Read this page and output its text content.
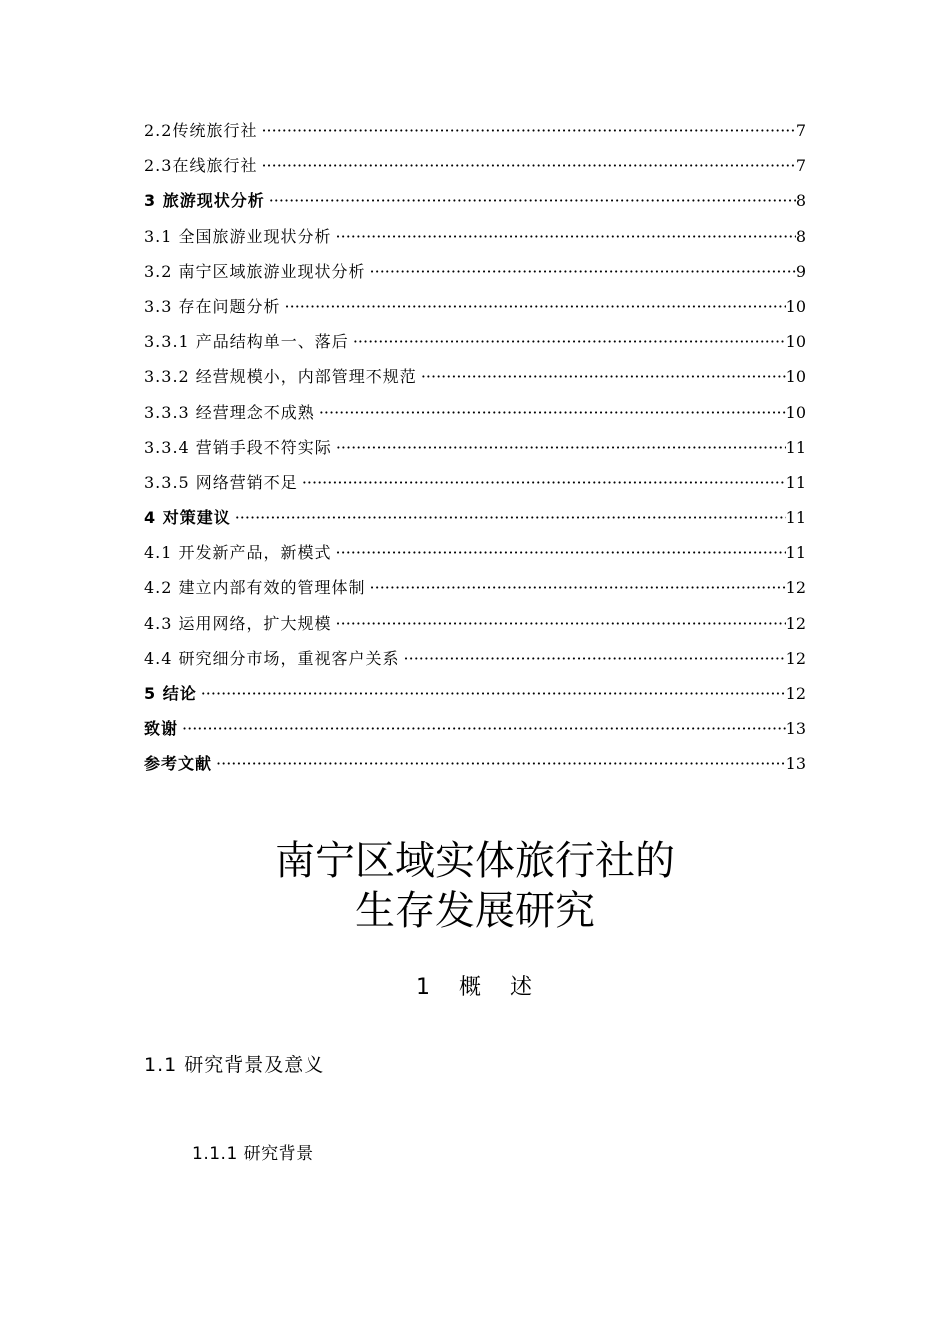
2.2传统旅行社 ·····	7
2.3在线旅行社 ·····	7
3 旅游现状分析 ·····	8
3.1 全国旅游业现状分析 ·····	8
3.2 南宁区域旅游业现状分析 ·····	9
3.3 存在问题分析 ·····	10
3.3.1 产品结构单一、落后 ·····	10
3.3.2 经营规模小，内部管理不规范 ·····	10
3.3.3 经营理念不成熟 ·····	10
3.3.4 营销手段不符实际 ·····	11
3.3.5 网络营销不足 ·····	11
4 对策建议 ·····	11
4.1 开发新产品，新模式 ·····	11
4.2 建立内部有效的管理体制 ·····	12
4.3 运用网络，扩大规模 ·····	12
4.4 研究细分市场，重视客户关系 ·····	12
5 结论 ·····	12
致谢 ·····	13
参考文献 ·····	13
南宁区域实体旅行社的
生存发展研究
1   概   述
1.1 研究背景及意义
1.1.1 研究背景
